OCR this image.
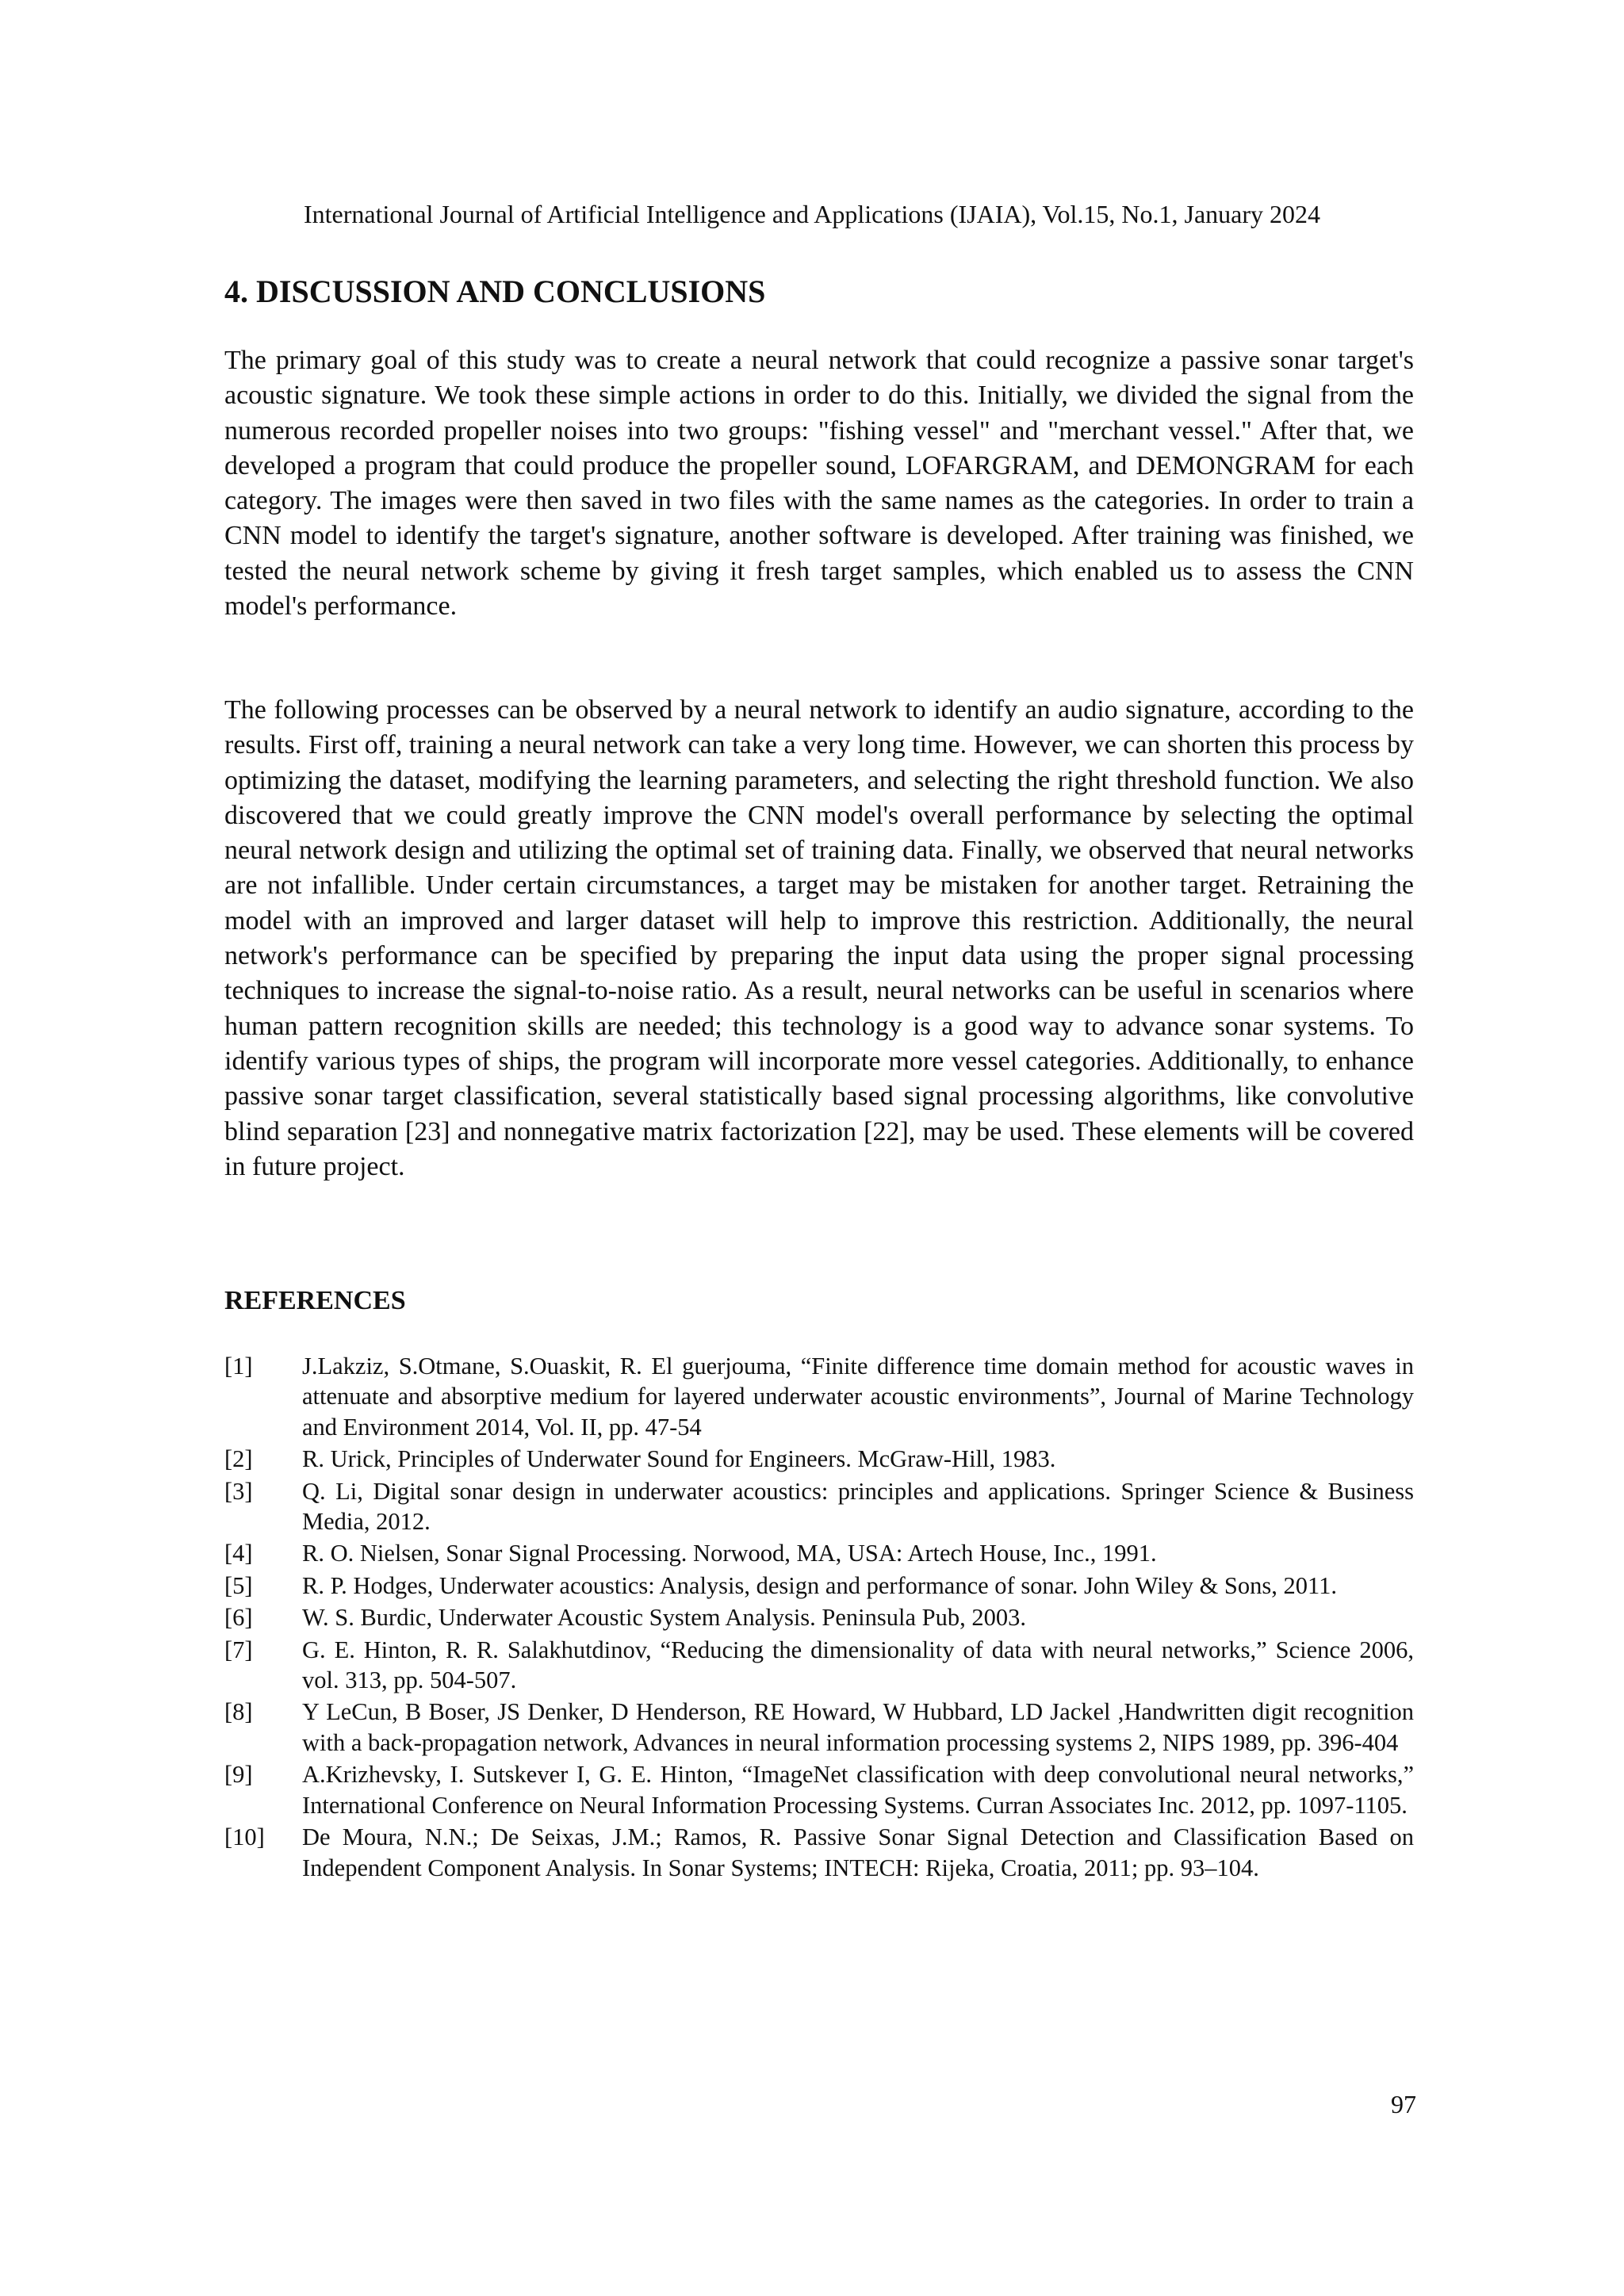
International Journal of Artificial Intelligence and Applications (IJAIA), Vol.15, No.1, January 2024
4. DISCUSSION AND CONCLUSIONS

The primary goal of this study was to create a neural network that could recognize a passive sonar target's acoustic signature. We took these simple actions in order to do this. Initially, we divided the signal from the numerous recorded propeller noises into two groups: "fishing vessel" and "merchant vessel." After that, we developed a program that could produce the propeller sound, LOFARGRAM, and DEMONGRAM for each category. The images were then saved in two files with the same names as the categories. In order to train a CNN model to identify the target's signature, another software is developed. After training was finished, we tested the neural network scheme by giving it fresh target samples, which enabled us to assess the CNN model's performance.

The following processes can be observed by a neural network to identify an audio signature, according to the results. First off, training a neural network can take a very long time. However, we can shorten this process by optimizing the dataset, modifying the learning parameters, and selecting the right threshold function. We also discovered that we could greatly improve the CNN model's overall performance by selecting the optimal neural network design and utilizing the optimal set of training data. Finally, we observed that neural networks are not infallible. Under certain circumstances, a target may be mistaken for another target. Retraining the model with an improved and larger dataset will help to improve this restriction. Additionally, the neural network's performance can be specified by preparing the input data using the proper signal processing techniques to increase the signal-to-noise ratio. As a result, neural networks can be useful in scenarios where human pattern recognition skills are needed; this technology is a good way to advance sonar systems. To identify various types of ships, the program will incorporate more vessel categories. Additionally, to enhance passive sonar target classification, several statistically based signal processing algorithms, like convolutive blind separation [23] and nonnegative matrix factorization [22], may be used. These elements will be covered in future project.

REFERENCES
[1]	J.Lakziz, S.Otmane, S.Ouaskit, R. El guerjouma, “Finite difference time domain method for acoustic waves in attenuate and absorptive medium for layered underwater acoustic environments”, Journal of Marine Technology and Environment 2014, Vol. II, pp. 47-54
[2]	R. Urick, Principles of Underwater Sound for Engineers. McGraw-Hill, 1983.
[3]	Q. Li, Digital sonar design in underwater acoustics: principles and applications. Springer Science & Business Media, 2012.
[4]	R. O. Nielsen, Sonar Signal Processing. Norwood, MA, USA: Artech House, Inc., 1991.
[5]	R. P. Hodges, Underwater acoustics: Analysis, design and performance of sonar. John Wiley & Sons, 2011.
[6]	W. S. Burdic, Underwater Acoustic System Analysis. Peninsula Pub, 2003.
[7]	G. E. Hinton, R. R. Salakhutdinov, “Reducing the dimensionality of data with neural networks,” Science 2006, vol. 313, pp. 504-507.
[8]	Y LeCun, B Boser, JS Denker, D Henderson, RE Howard, W Hubbard, LD Jackel ,Handwritten digit recognition with a back-propagation network, Advances in neural information processing systems 2, NIPS 1989, pp. 396-404
[9]	A.Krizhevsky, I. Sutskever I, G. E. Hinton, “ImageNet classification with deep convolutional neural networks,” International Conference on Neural Information Processing Systems. Curran Associates Inc. 2012, pp. 1097-1105.
[10]	De Moura, N.N.; De Seixas, J.M.; Ramos, R. Passive Sonar Signal Detection and Classification Based on Independent Component Analysis. In Sonar Systems; INTECH: Rijeka, Croatia, 2011; pp. 93–104.
97
